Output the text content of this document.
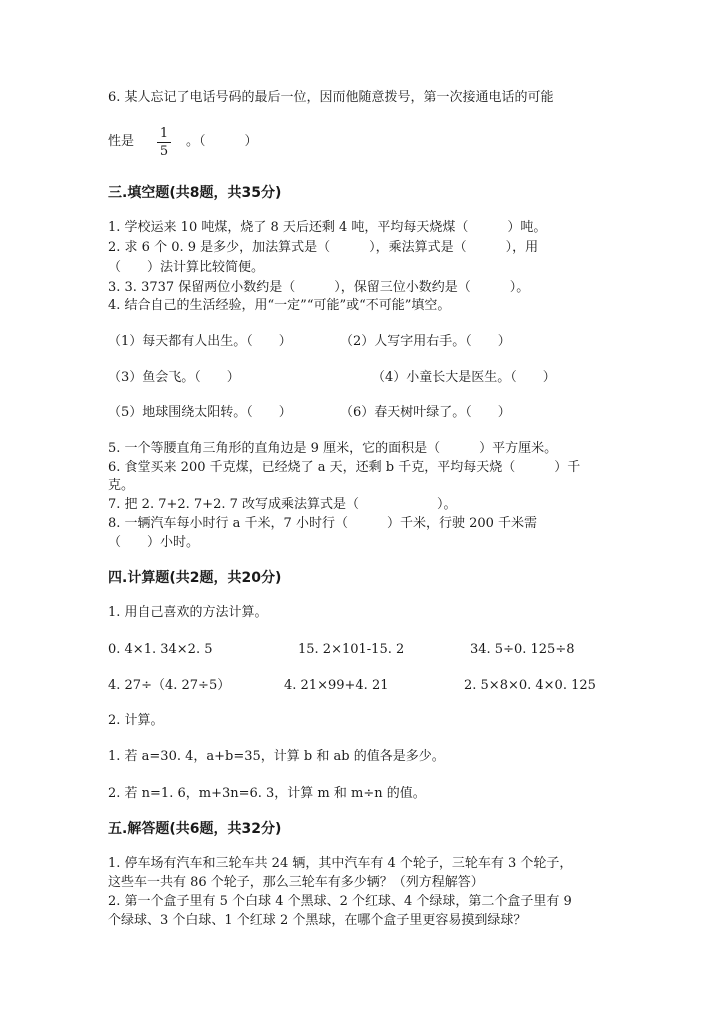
6. 某人忘记了电话号码的最后一位，因而他随意拨号，第一次接通电话的可能
性是
1
5
。（　　　）
三.填空题(共8题，共35分)
1. 学校运来 10 吨煤，烧了 8 天后还剩 4 吨，平均每天烧煤（　　　）吨。
2. 求 6 个 0. 9 是多少，加法算式是（　　　），乘法算式是（　　　），用
（　　）法计算比较简便。
3. 3. 3737 保留两位小数约是（　　　），保留三位小数约是（　　　）。
4. 结合自己的生活经验，用“一定”“可能”或“不可能”填空。
（1）每天都有人出生。（　　）	（2）人写字用右手。（　　）
（3）鱼会飞。（　　）	（4）小童长大是医生。（　　）
（5）地球围绕太阳转。（　　）	（6）春天树叶绿了。（　　）
5. 一个等腰直角三角形的直角边是 9 厘米，它的面积是（　　　）平方厘米。
6. 食堂买来 200 千克煤，已经烧了 a 天，还剩 b 千克，平均每天烧（　　　）千
克。
7. 把 2. 7+2. 7+2. 7 改写成乘法算式是（　　　　　　）。
8. 一辆汽车每小时行 a 千米，7 小时行（　　　）千米，行驶 200 千米需
（　　）小时。
四.计算题(共2题，共20分)
1. 用自己喜欢的方法计算。
0. 4×1. 34×2. 5	15. 2×101-15. 2	34. 5÷0. 125÷8
4. 27÷（4. 27÷5）	4. 21×99+4. 21	2. 5×8×0. 4×0. 125
2. 计算。
1. 若 a=30. 4，a+b=35，计算 b 和 ab 的值各是多少。
2. 若 n=1. 6，m+3n=6. 3，计算 m 和 m÷n 的值。
五.解答题(共6题，共32分)
1. 停车场有汽车和三轮车共 24 辆，其中汽车有 4 个轮子，三轮车有 3 个轮子，
这些车一共有 86 个轮子，那么三轮车有多少辆？（列方程解答）
2. 第一个盒子里有 5 个白球 4 个黑球、2 个红球、4 个绿球，第二个盒子里有 9
个绿球、3 个白球、1 个红球 2 个黑球，在哪个盒子里更容易摸到绿球？
